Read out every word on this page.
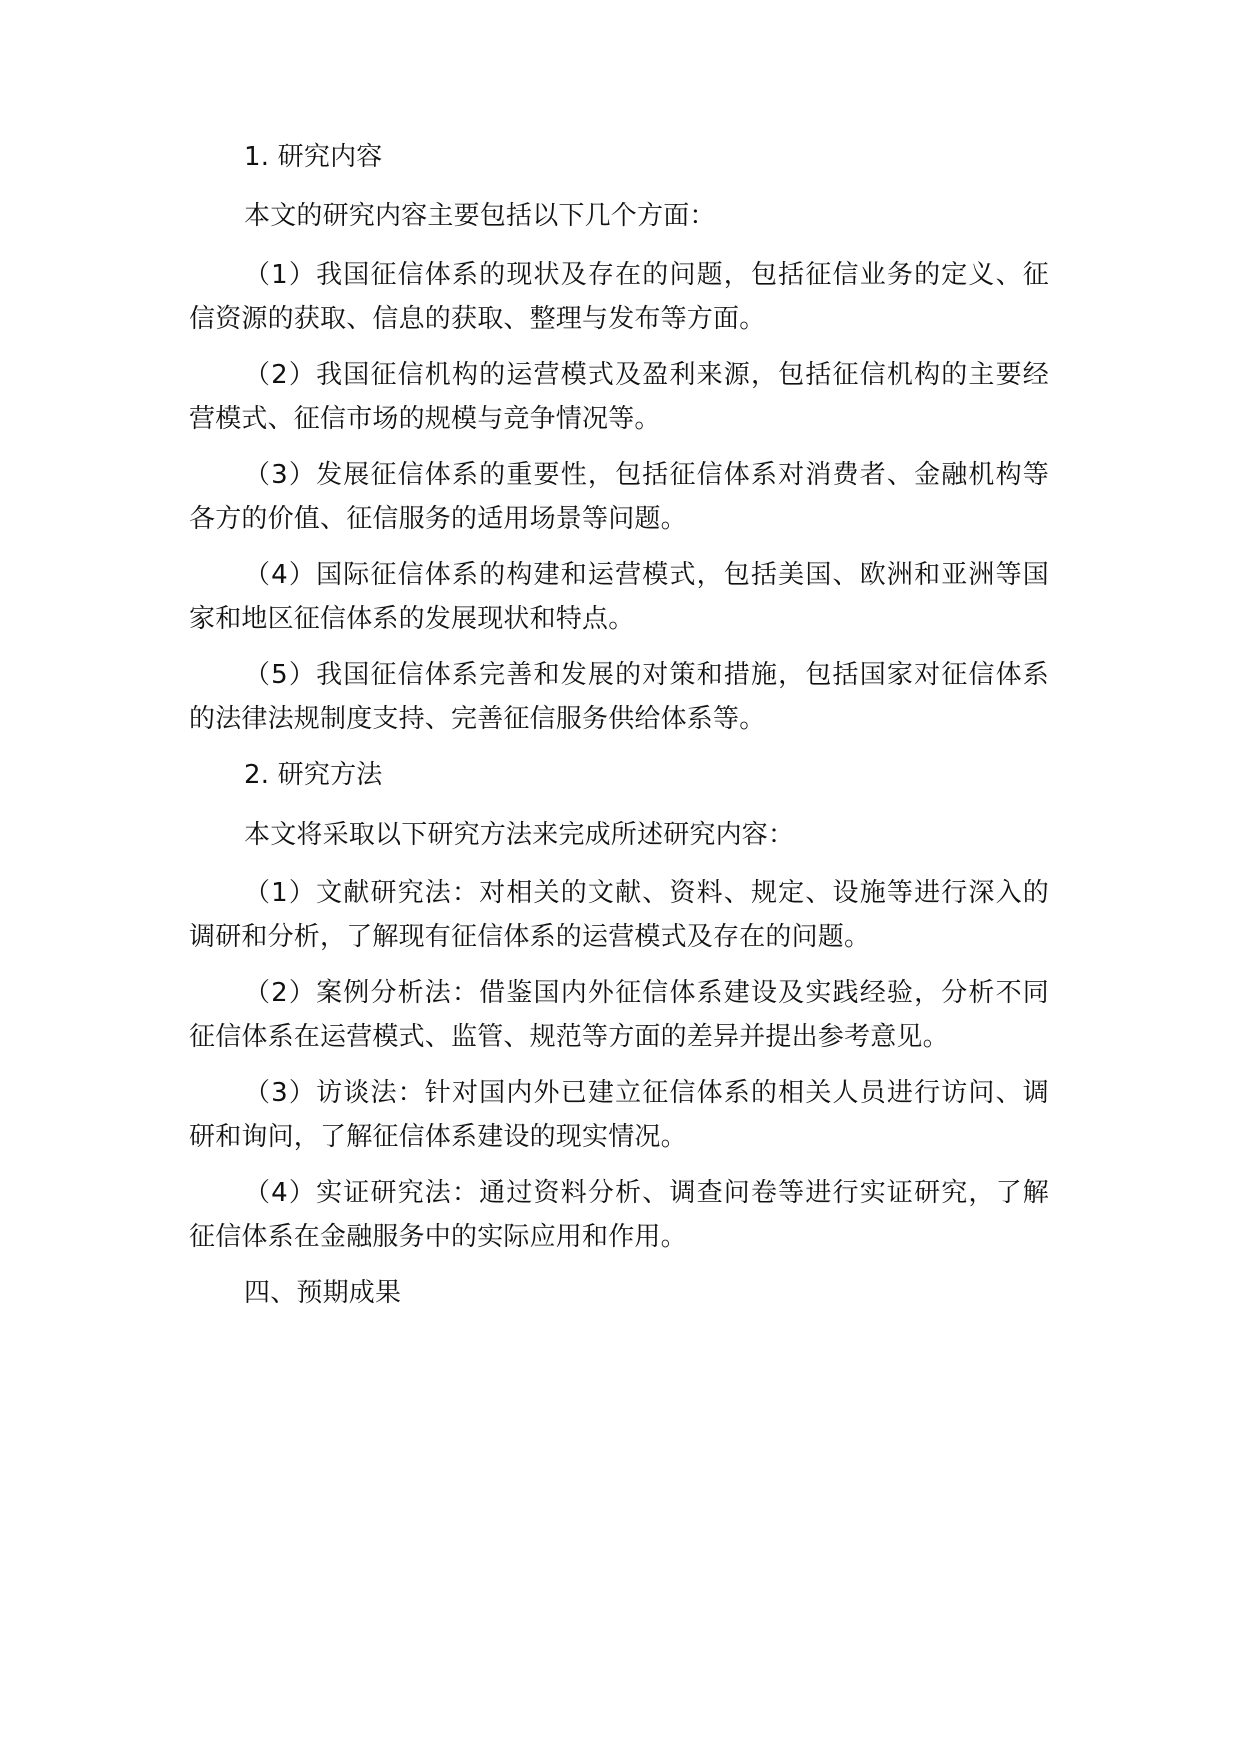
1. 研究内容

本文的研究内容主要包括以下几个方面：

（1）我国征信体系的现状及存在的问题，包括征信业务的定义、征

信资源的获取、信息的获取、整理与发布等方面。

（2）我国征信机构的运营模式及盈利来源，包括征信机构的主要经

营模式、征信市场的规模与竞争情况等。

（3）发展征信体系的重要性，包括征信体系对消费者、金融机构等

各方的价值、征信服务的适用场景等问题。

（4）国际征信体系的构建和运营模式，包括美国、欧洲和亚洲等国

家和地区征信体系的发展现状和特点。

（5）我国征信体系完善和发展的对策和措施，包括国家对征信体系

的法律法规制度支持、完善征信服务供给体系等。

2. 研究方法

本文将采取以下研究方法来完成所述研究内容：

（1）文献研究法：对相关的文献、资料、规定、设施等进行深入的

调研和分析，了解现有征信体系的运营模式及存在的问题。

（2）案例分析法：借鉴国内外征信体系建设及实践经验，分析不同

征信体系在运营模式、监管、规范等方面的差异并提出参考意见。

（3）访谈法：针对国内外已建立征信体系的相关人员进行访问、调

研和询问，了解征信体系建设的现实情况。

（4）实证研究法：通过资料分析、调查问卷等进行实证研究，了解

征信体系在金融服务中的实际应用和作用。

四、预期成果
